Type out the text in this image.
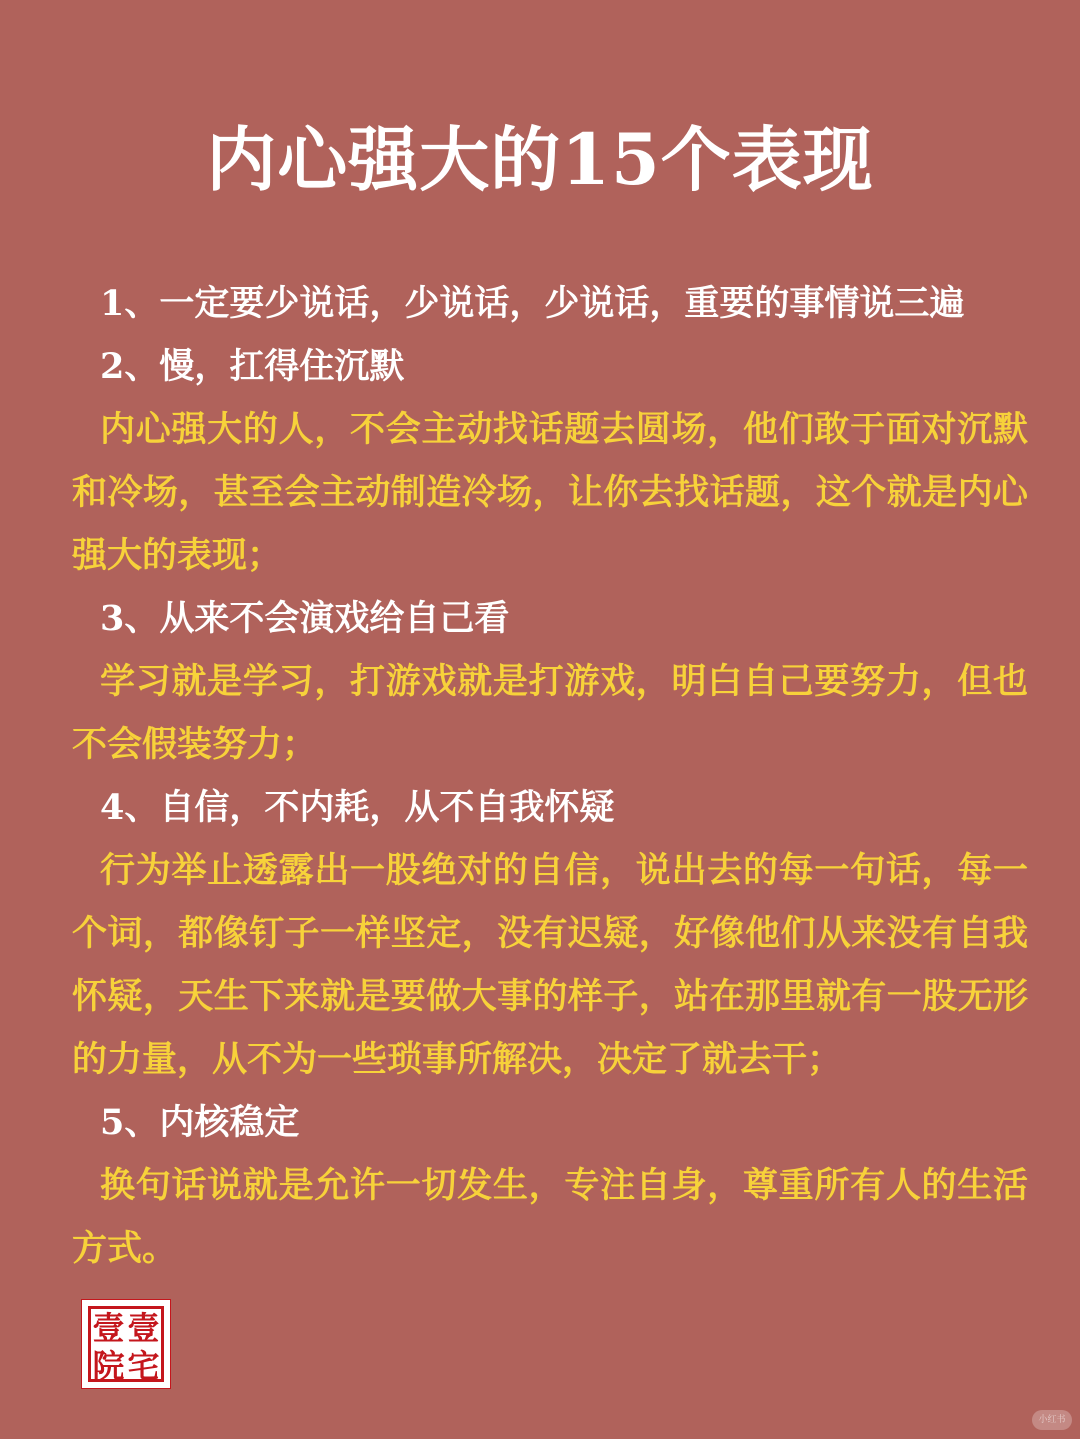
内心强大的15个表现
1、一定要少说话，少说话，少说话，重要的事情说三遍
2、慢，扛得住沉默
内心强大的人，不会主动找话题去圆场，他们敢于面对沉默和冷场，甚至会主动制造冷场，让你去找话题，这个就是内心强大的表现；
3、从来不会演戏给自己看
学习就是学习，打游戏就是打游戏，明白自己要努力，但也不会假装努力；
4、自信，不内耗，从不自我怀疑
行为举止透露出一股绝对的自信，说出去的每一句话，每一个词，都像钉子一样坚定，没有迟疑，好像他们从来没有自我怀疑，天生下来就是要做大事的样子，站在那里就有一股无形的力量，从不为一些琐事所解决，决定了就去干；
5、内核稳定
换句话说就是允许一切发生，专注自身，尊重所有人的生活方式。
壹 壹
院 宅
小红书
